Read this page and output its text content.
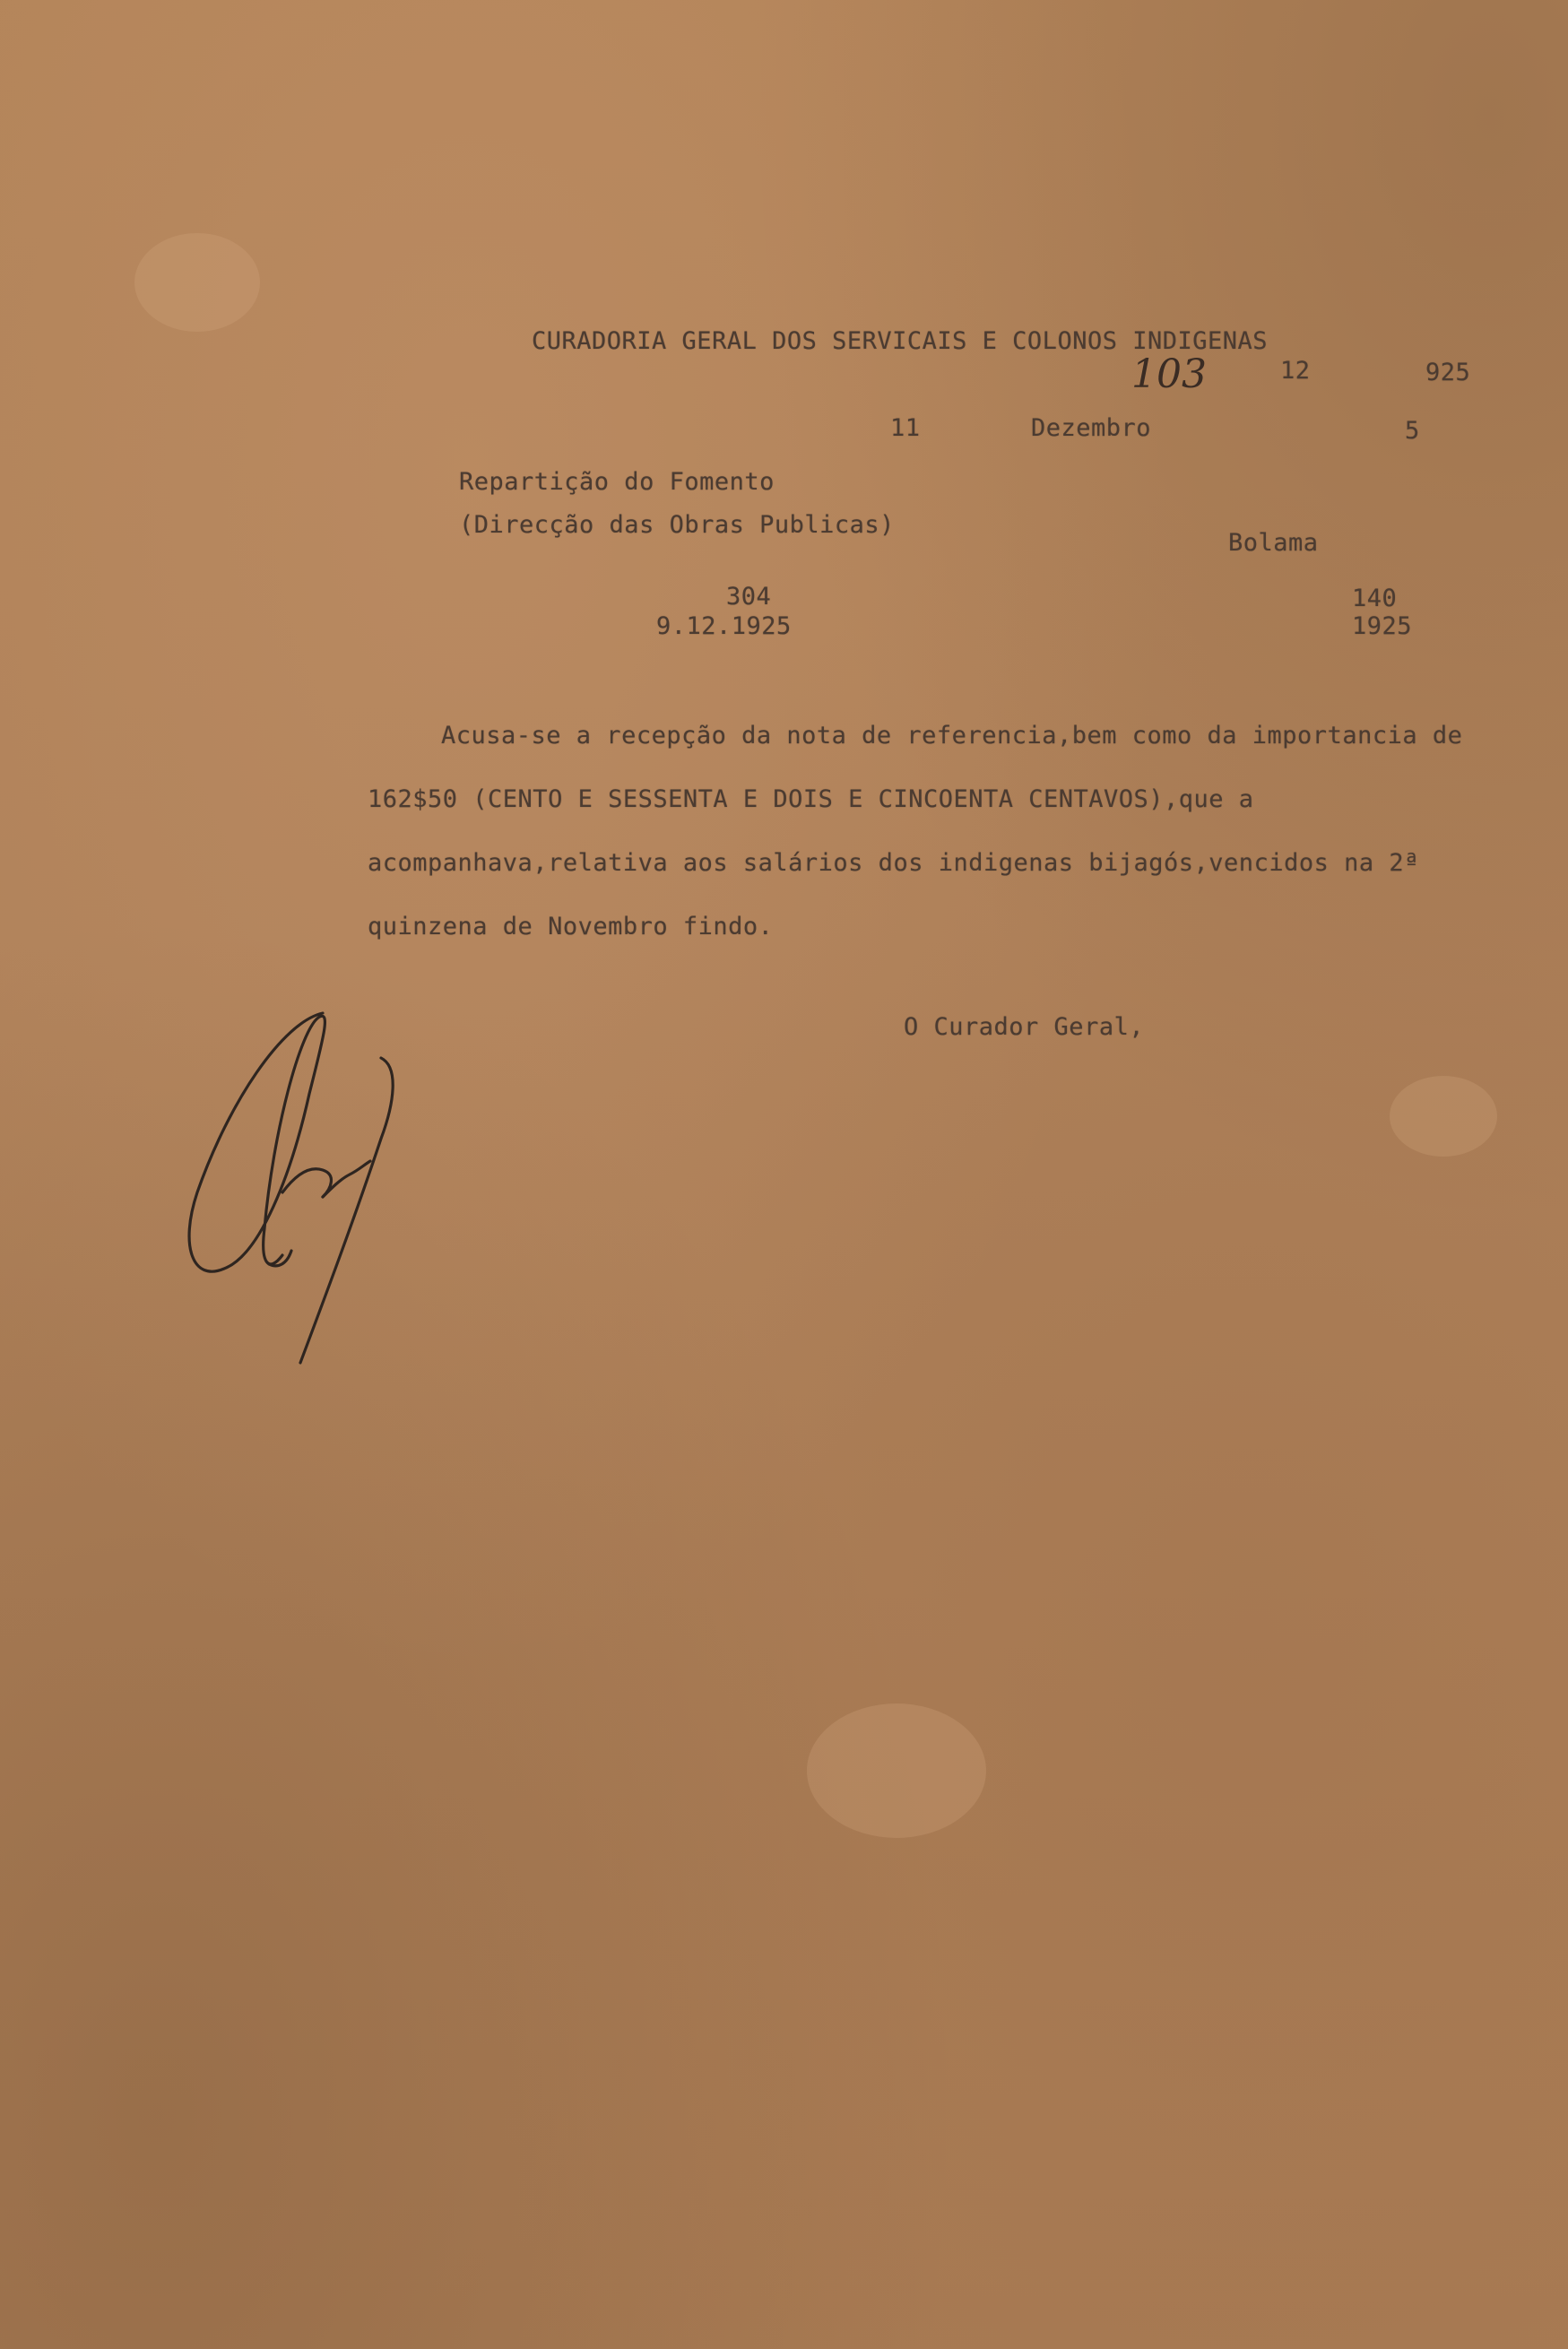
CURADORIA GERAL DOS SERVICAIS E COLONOS INDIGENAS
103	12	925
11	Dezembro	5
Repartição do Fomento
(Direcção das Obras Publicas)
Bolama
304
9.12.1925
140
1925

Acusa-se a recepção da nota de referencia,bem como da importancia de 162$50 (CENTO E SESSENTA E DOIS E CINCOENTA CENTAVOS),que a acompanhava,relativa aos salários dos indigenas bijagós,vencidos na 2ª quinzena de Novembro findo.

O Curador Geral,
